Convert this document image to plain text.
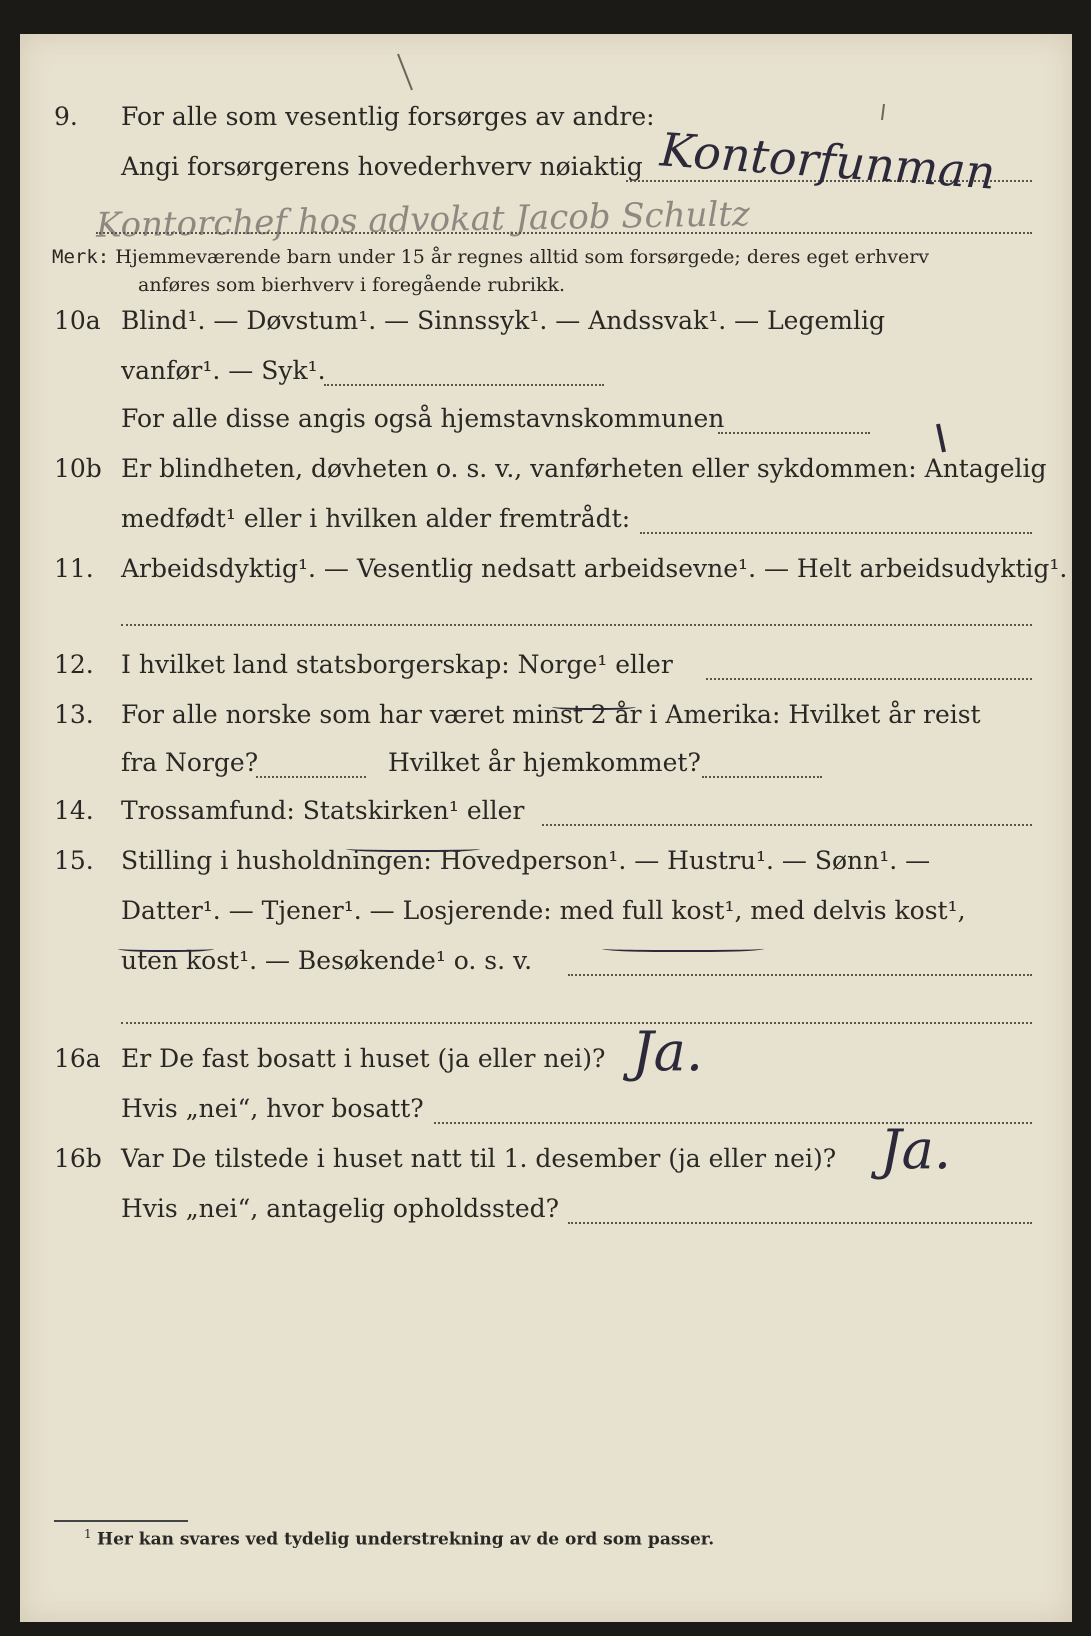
9. For alle som vesentlig forsørges av andre:
Angi forsørgerens hovederhverv nøiaktig Kontorfunman
Kontorchef hos advokat Jacob Schultz
Merk: Hjemmeværende barn under 15 år regnes alltid som forsørgede; deres eget erhverv
anføres som bierhverv i foregående rubrikk.
10a Blind¹. — Døvstum¹. — Sinnssyk¹. — Andssvak¹. — Legemlig
vanfør¹. — Syk¹.
For alle disse angis også hjemstavnskommunen
10b Er blindheten, døvheten o. s. v., vanførheten eller sykdommen: Antagelig
medfødt¹ eller i hvilken alder fremtrådt:
11. Arbeidsdyktig¹. — Vesentlig nedsatt arbeidsevne¹. — Helt arbeidsudyktig¹.
12. I hvilket land statsborgerskap: Norge¹ eller
13. For alle norske som har været minst 2 år i Amerika: Hvilket år reist
fra Norge?	Hvilket år hjemkommet?
14. Trossamfund: Statskirken¹ eller
15. Stilling i husholdningen: Hovedperson¹. — Hustru¹. — Sønn¹. —
Datter¹. — Tjener¹. — Losjerende: med full kost¹, med delvis kost¹,
uten kost¹. — Besøkende¹ o. s. v.
16a Er De fast bosatt i huset (ja eller nei)? Ja.
Hvis „nei“, hvor bosatt?
16b Var De tilstede i huset natt til 1. desember (ja eller nei)? Ja.
Hvis „nei“, antagelig opholdssted?
$^1$ Her kan svares ved tydelig understrekning av de ord som passer.
